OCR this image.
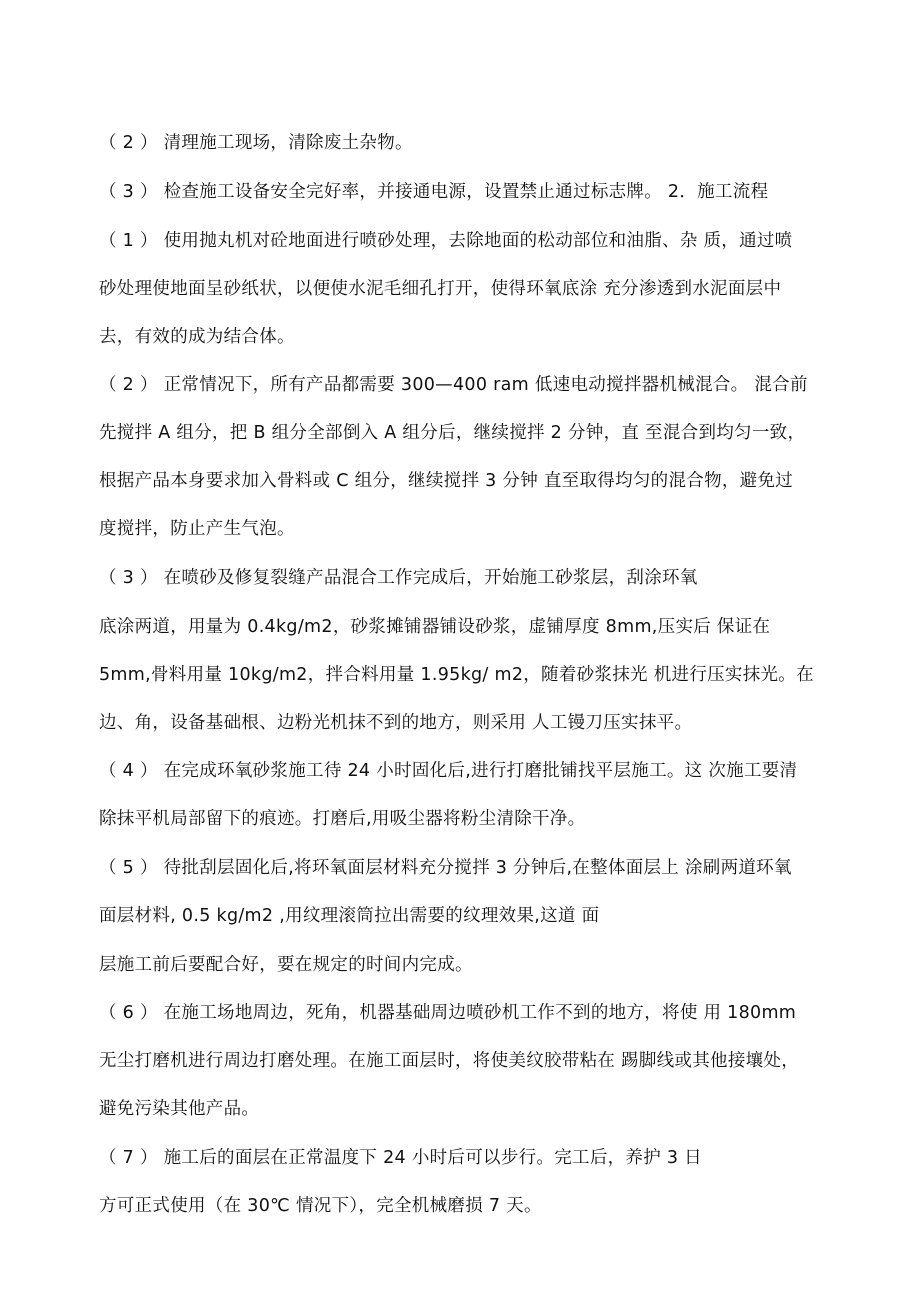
（ 2 ） 清理施工现场，清除废土杂物。
（ 3 ） 检查施工设备安全完好率，并接通电源，设置禁止通过标志牌。 2．施工流程
（ 1 ） 使用抛丸机对砼地面进行喷砂处理，去除地面的松动部位和油脂、杂 质，通过喷
砂处理使地面呈砂纸状，以便使水泥毛细孔打开，使得环氧底涂 充分渗透到水泥面层中
去，有效的成为结合体。
（ 2 ） 正常情况下，所有产品都需要 300—400 ram 低速电动搅拌器机械混合。 混合前
先搅拌 A 组分，把 B 组分全部倒入 A 组分后，继续搅拌 2 分钟，直 至混合到均匀一致，
根据产品本身要求加入骨料或 C 组分，继续搅拌 3 分钟 直至取得均匀的混合物，避免过
度搅拌，防止产生气泡。
（ 3 ） 在喷砂及修复裂缝产品混合工作完成后，开始施工砂浆层，刮涂环氧
底涂两道，用量为 0.4kg/m2，砂浆摊铺器铺设砂浆，虚铺厚度 8mm,压实后 保证在
5mm,骨料用量 10kg/m2，拌合料用量 1.95kg/ m2，随着砂浆抹光 机进行压实抹光。在
边、角，设备基础根、边粉光机抹不到的地方，则采用 人工镘刀压实抹平。
（ 4 ） 在完成环氧砂浆施工待 24 小时固化后,进行打磨批铺找平层施工。这 次施工要清
除抹平机局部留下的痕迹。打磨后,用吸尘器将粉尘清除干净。
（ 5 ） 待批刮层固化后,将环氧面层材料充分搅拌 3 分钟后,在整体面层上 涂刷两道环氧
面层材料, 0.5 kg/m2 ,用纹理滚筒拉出需要的纹理效果,这道 面
层施工前后要配合好，要在规定的时间内完成。
（ 6 ） 在施工场地周边，死角，机器基础周边喷砂机工作不到的地方，将使 用 180mm
无尘打磨机进行周边打磨处理。在施工面层时，将使美纹胶带粘在 踢脚线或其他接壤处，
避免污染其他产品。
（ 7 ） 施工后的面层在正常温度下 24 小时后可以步行。完工后，养护 3 日
方可正式使用（在 30℃ 情况下），完全机械磨损 7 天。
